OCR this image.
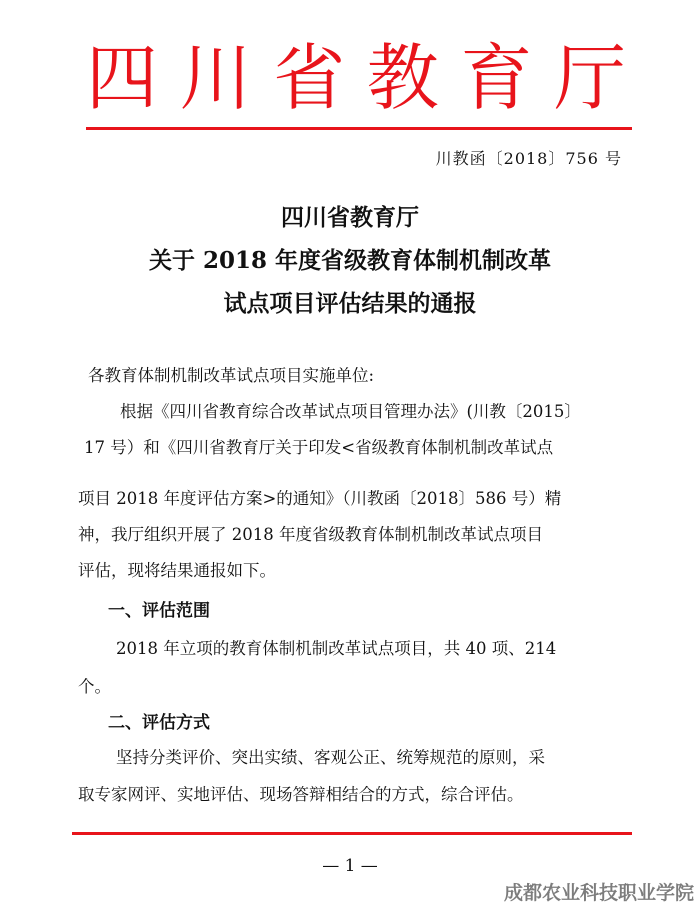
四 川 省 教 育 厅
川教函〔2018〕756 号
四川省教育厅
关于 2018 年度省级教育体制机制改革
试点项目评估结果的通报
各教育体制机制改革试点项目实施单位:
根据《四川省教育综合改革试点项目管理办法》(川教〔2015〕
17 号）和《四川省教育厅关于印发<省级教育体制机制改革试点
项目 2018 年度评估方案>的通知》（川教函〔2018〕586 号）精
神，我厅组织开展了 2018 年度省级教育体制机制改革试点项目
评估，现将结果通报如下。
一、评估范围
2018 年立项的教育体制机制改革试点项目，共 40 项、214
个。
二、评估方式
坚持分类评价、突出实绩、客观公正、统筹规范的原则，采
取专家网评、实地评估、现场答辩相结合的方式，综合评估。
— 1 —
成都农业科技职业学院
